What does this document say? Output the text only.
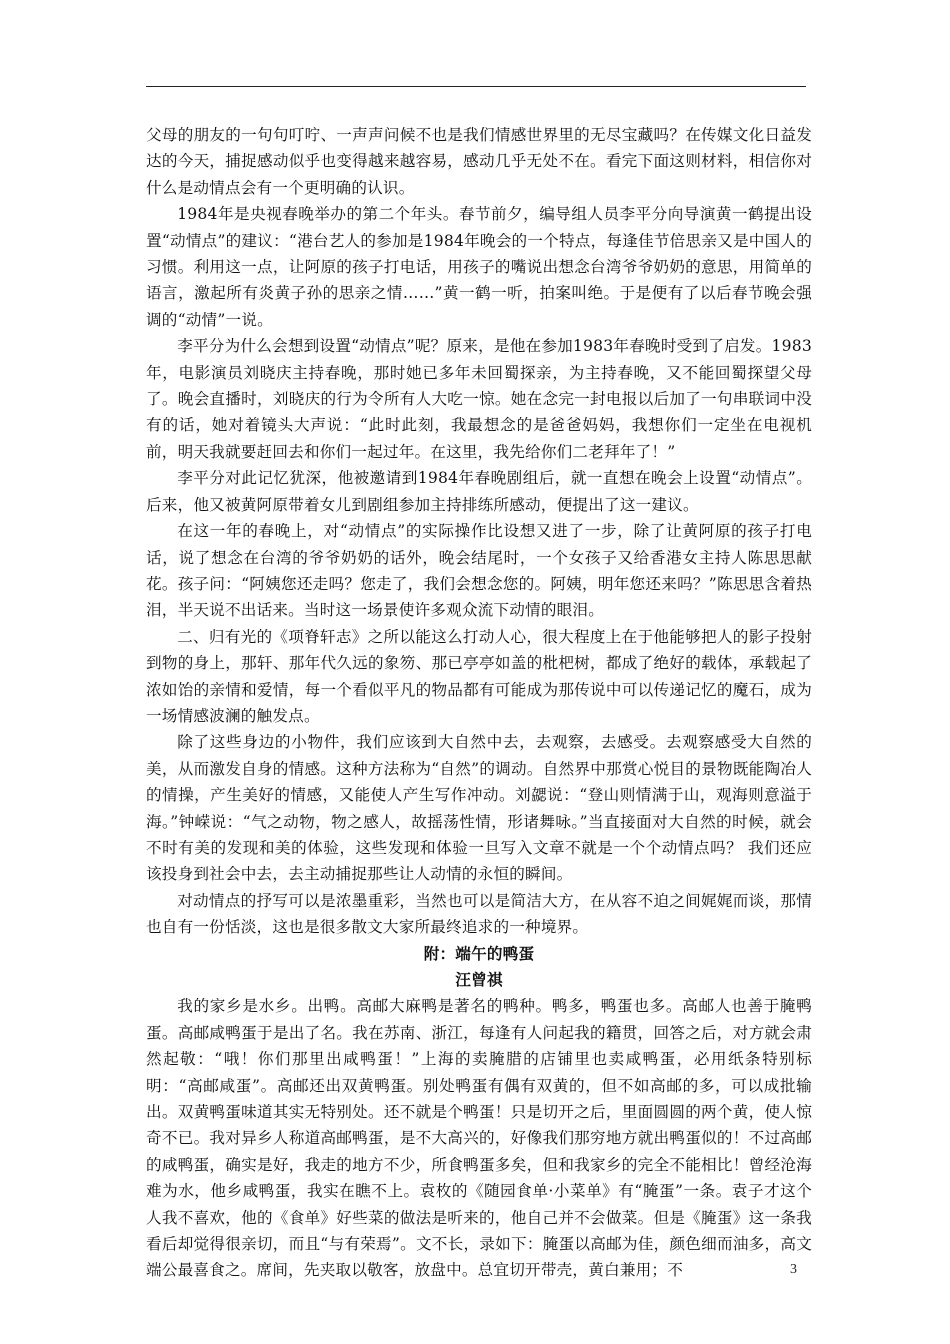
父母的朋友的一句句叮咛、一声声问候不也是我们情感世界里的无尽宝藏吗？在传媒文化日益发达的今天，捕捉感动似乎也变得越来越容易，感动几乎无处不在。看完下面这则材料，相信你对什么是动情点会有一个更明确的认识。

1984年是央视春晚举办的第二个年头。春节前夕，编导组人员李平分向导演黄一鹤提出设置“动情点”的建议：“港台艺人的参加是1984年晚会的一个特点，每逢佳节倍思亲又是中国人的习惯。利用这一点，让阿原的孩子打电话，用孩子的嘴说出想念台湾爷爷奶奶的意思，用简单的语言，激起所有炎黄子孙的思亲之情……”黄一鹤一听，拍案叫绝。于是便有了以后春节晚会强调的“动情”一说。

李平分为什么会想到设置“动情点”呢？原来，是他在参加1983年春晚时受到了启发。1983年，电影演员刘晓庆主持春晚，那时她已多年未回蜀探亲，为主持春晚，又不能回蜀探望父母了。晚会直播时，刘晓庆的行为令所有人大吃一惊。她在念完一封电报以后加了一句串联词中没有的话，她对着镜头大声说：“此时此刻，我最想念的是爸爸妈妈，我想你们一定坐在电视机前，明天我就要赶回去和你们一起过年。在这里，我先给你们二老拜年了！”

李平分对此记忆犹深，他被邀请到1984年春晚剧组后，就一直想在晚会上设置“动情点”。后来，他又被黄阿原带着女儿到剧组参加主持排练所感动，便提出了这一建议。

在这一年的春晚上，对“动情点”的实际操作比设想又进了一步，除了让黄阿原的孩子打电话，说了想念在台湾的爷爷奶奶的话外，晚会结尾时，一个女孩子又给香港女主持人陈思思献花。孩子问：“阿姨您还走吗？您走了，我们会想念您的。阿姨，明年您还来吗？”陈思思含着热泪，半天说不出话来。当时这一场景使许多观众流下动情的眼泪。

二、归有光的《项脊轩志》之所以能这么打动人心，很大程度上在于他能够把人的影子投射到物的身上，那轩、那年代久远的象笏、那已亭亭如盖的枇杷树，都成了绝好的载体，承载起了浓如饴的亲情和爱情，每一个看似平凡的物品都有可能成为那传说中可以传递记忆的魔石，成为一场情感波澜的触发点。

除了这些身边的小物件，我们应该到大自然中去，去观察，去感受。去观察感受大自然的美，从而激发自身的情感。这种方法称为“自然”的调动。自然界中那赏心悦目的景物既能陶冶人的情操，产生美好的情感，又能使人产生写作冲动。刘勰说：“登山则情满于山，观海则意溢于海。”钟嵘说：“气之动物，物之感人，故摇荡性情，形诸舞咏。”当直接面对大自然的时候，就会不时有美的发现和美的体验，这些发现和体验一旦写入文章不就是一个个动情点吗？ 我们还应该投身到社会中去，去主动捕捉那些让人动情的永恒的瞬间。

对动情点的抒写可以是浓墨重彩，当然也可以是简洁大方，在从容不迫之间娓娓而谈，那情也自有一份恬淡，这也是很多散文大家所最终追求的一种境界。

附：端午的鸭蛋
汪曾祺

我的家乡是水乡。出鸭。高邮大麻鸭是著名的鸭种。鸭多，鸭蛋也多。高邮人也善于腌鸭蛋。高邮咸鸭蛋于是出了名。我在苏南、浙江，每逢有人问起我的籍贯，回答之后，对方就会肃然起敬：“哦！你们那里出咸鸭蛋！”上海的卖腌腊的店铺里也卖咸鸭蛋，必用纸条特别标明：“高邮咸蛋”。高邮还出双黄鸭蛋。别处鸭蛋有偶有双黄的，但不如高邮的多，可以成批输出。双黄鸭蛋味道其实无特别处。还不就是个鸭蛋！只是切开之后，里面圆圆的两个黄，使人惊奇不已。我对异乡人称道高邮鸭蛋，是不大高兴的，好像我们那穷地方就出鸭蛋似的！不过高邮的咸鸭蛋，确实是好，我走的地方不少，所食鸭蛋多矣，但和我家乡的完全不能相比！曾经沧海难为水，他乡咸鸭蛋，我实在瞧不上。袁枚的《随园食单·小菜单》有“腌蛋”一条。袁子才这个人我不喜欢，他的《食单》好些菜的做法是听来的，他自己并不会做菜。但是《腌蛋》这一条我看后却觉得很亲切，而且“与有荣焉”。文不长，录如下：腌蛋以高邮为佳，颜色细而油多，高文端公最喜食之。席间，先夹取以敬客，放盘中。总宜切开带壳，黄白兼用；不	3
